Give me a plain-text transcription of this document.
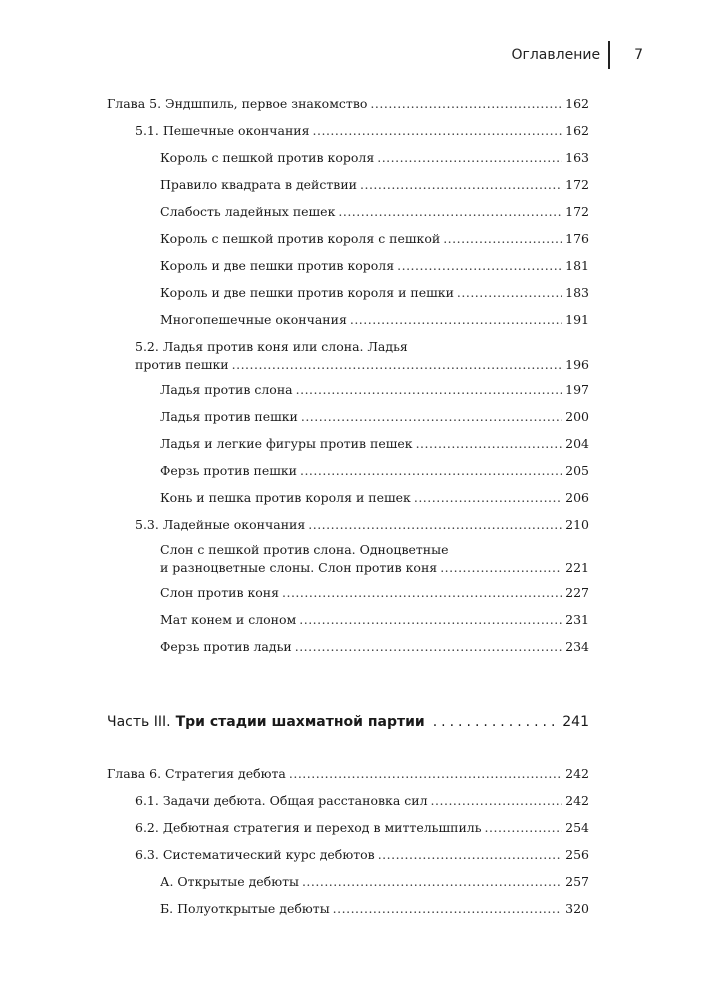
Оглавление	7
Глава 5. Эндшпиль, первое знакомство .....	162
5.1. Пешечные окончания .....	162
Король с пешкой против короля .....	163
Правило квадрата в действии .....	172
Слабость ладейных пешек .....	172
Король с пешкой против короля с пешкой .....	176
Король и две пешки против короля .....	181
Король и две пешки против короля и пешки .....	183
Многопешечные окончания .....	191
5.2. Ладья против коня или слона. Ладья
против пешки .....	196
Ладья против слона .....	197
Ладья против пешки .....	200
Ладья и легкие фигуры против пешек .....	204
Ферзь против пешки .....	205
Конь и пешка против короля и пешек .....	206
5.3. Ладейные окончания .....	210
Слон с пешкой против слона. Одноцветные
и разноцветные слоны. Слон против коня .....	221
Слон против коня .....	227
Мат конем и слоном .....	231
Ферзь против ладьи .....	234
Часть III. Три стадии шахматной партии .....	241
Глава 6. Стратегия дебюта .....	242
6.1. Задачи дебюта. Общая расстановка сил .....	242
6.2. Дебютная стратегия и переход в миттельшпиль .....	254
6.3. Систематический курс дебютов .....	256
А. Открытые дебюты .....	257
Б. Полуоткрытые дебюты .....	320
